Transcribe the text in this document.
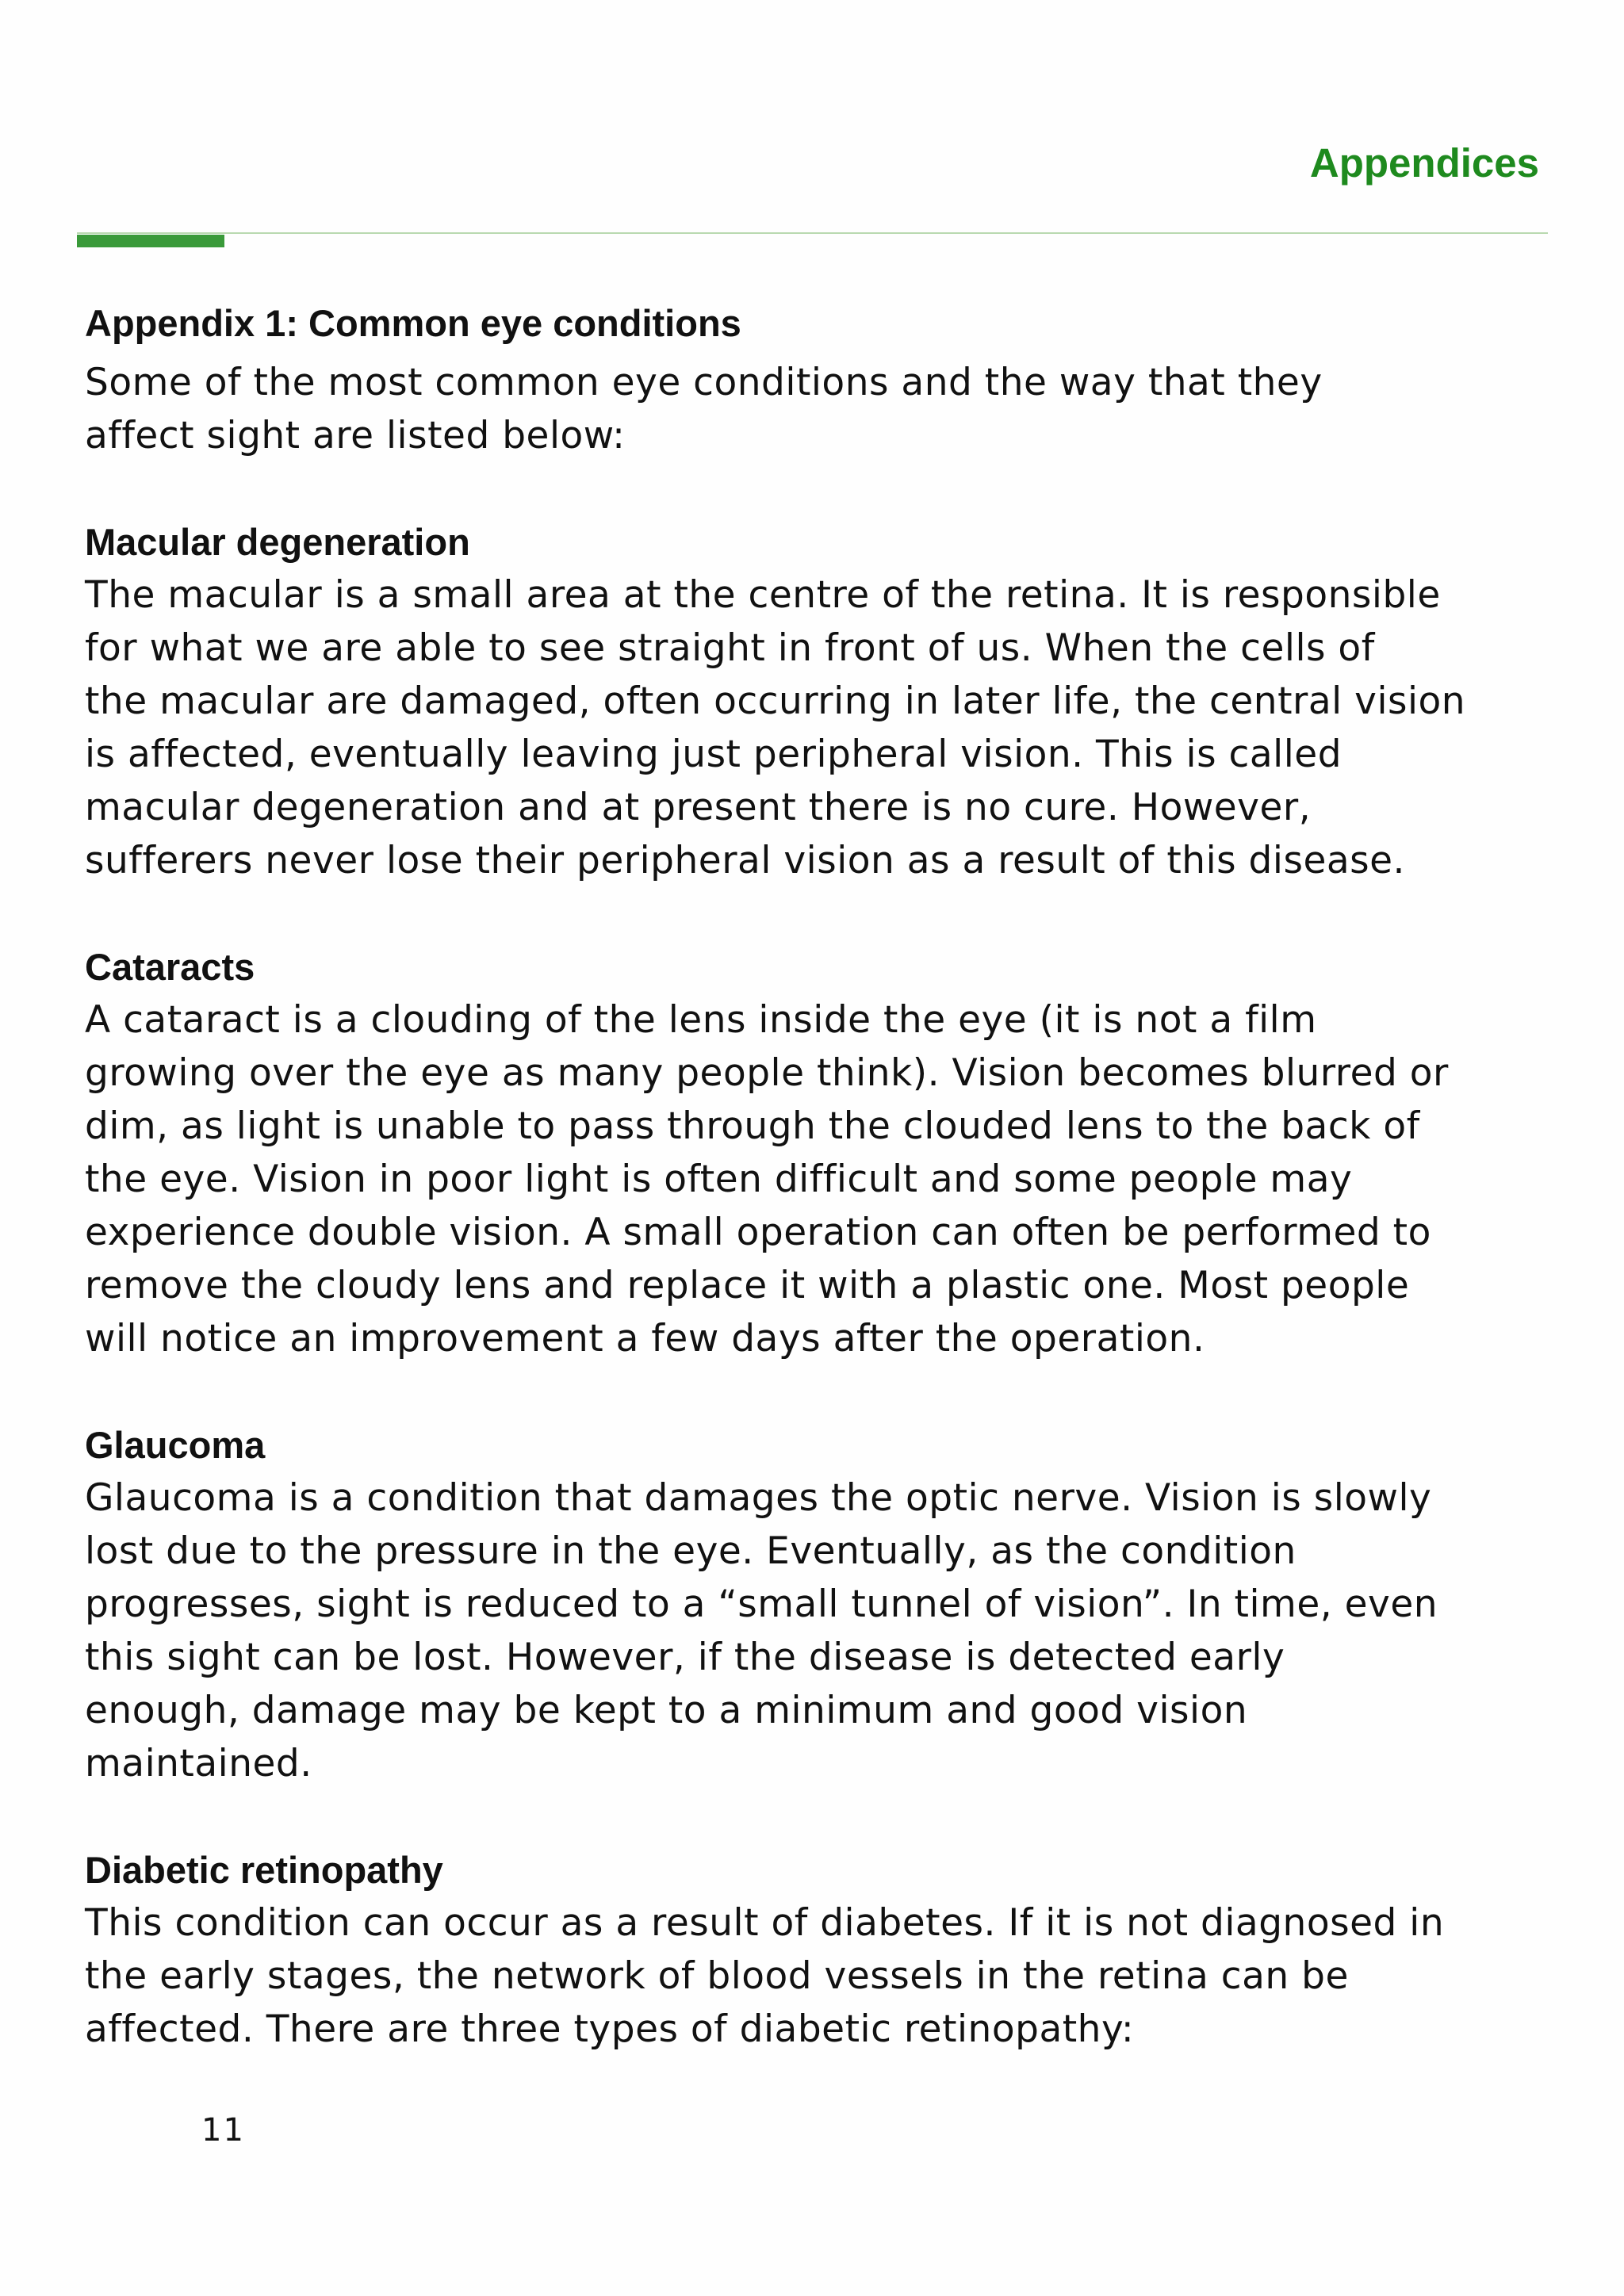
Appendices
Appendix 1: Common eye conditions
Some of the most common eye conditions and the way that they
affect sight are listed below:
Macular degeneration
The macular is a small area at the centre of the retina. It is responsible
for what we are able to see straight in front of us. When the cells of
the macular are damaged, often occurring in later life, the central vision
is affected, eventually leaving just peripheral vision. This is called
macular degeneration and at present there is no cure. However,
sufferers never lose their peripheral vision as a result of this disease.
Cataracts
A cataract is a clouding of the lens inside the eye (it is not a film
growing over the eye as many people think). Vision becomes blurred or
dim, as light is unable to pass through the clouded lens to the back of
the eye. Vision in poor light is often difficult and some people may
experience double vision. A small operation can often be performed to
remove the cloudy lens and replace it with a plastic one. Most people
will notice an improvement a few days after the operation.
Glaucoma
Glaucoma is a condition that damages the optic nerve. Vision is slowly
lost due to the pressure in the eye. Eventually, as the condition
progresses, sight is reduced to a “small tunnel of vision”. In time, even
this sight can be lost. However, if the disease is detected early
enough, damage may be kept to a minimum and good vision
maintained.
Diabetic retinopathy
This condition can occur as a result of diabetes. If it is not diagnosed in
the early stages, the network of blood vessels in the retina can be
affected. There are three types of diabetic retinopathy:
11
